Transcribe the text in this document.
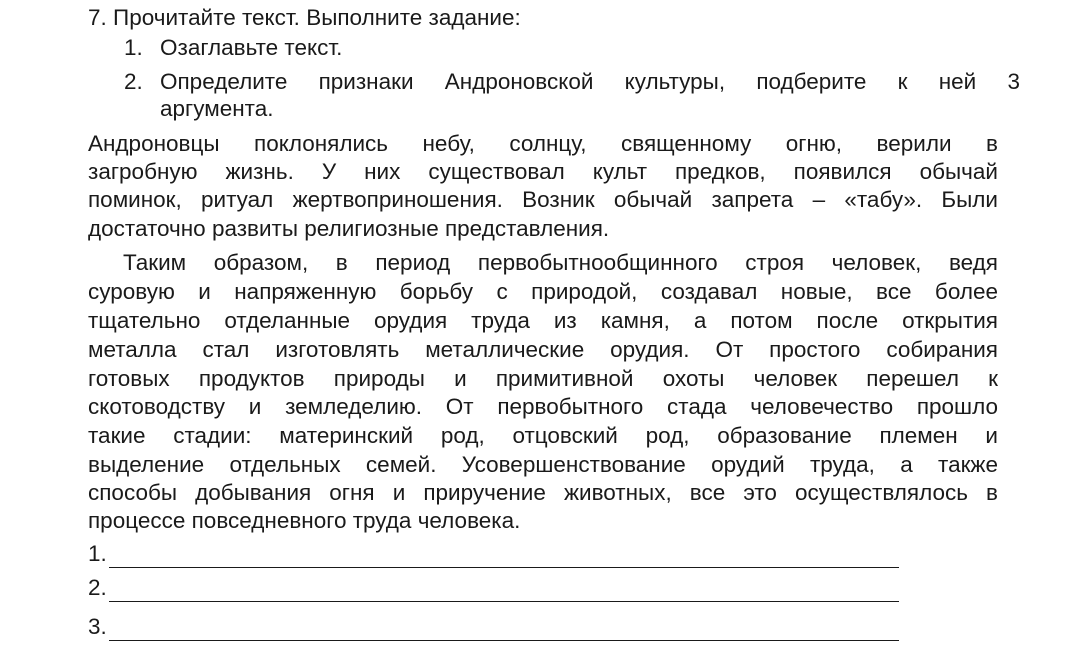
7. Прочитайте текст. Выполните задание:
1. Озаглавьте текст.
2. Определите признаки Андроновской культуры, подберите к ней 3
аргумента.
Андроновцы поклонялись небу, солнцу, священному огню, верили в
загробную жизнь. У них существовал культ предков, появился обычай
поминок, ритуал жертвоприношения. Возник обычай запрета – «табу». Были
достаточно развиты религиозные представления.
Таким образом, в период первобытнообщинного строя человек, ведя
суровую и напряженную борьбу с природой, создавал новые, все более
тщательно отделанные орудия труда из камня, а потом после открытия
металла стал изготовлять металлические орудия. От простого собирания
готовых продуктов природы и примитивной охоты человек перешел к
скотоводству и земледелию. От первобытного стада человечество прошло
такие стадии: материнский род, отцовский род, образование племен и
выделение отдельных семей. Усовершенствование орудий труда, а также
способы добывания огня и приручение животных, все это осуществлялось в
процессе повседневного труда человека.
1.
2.
3.
